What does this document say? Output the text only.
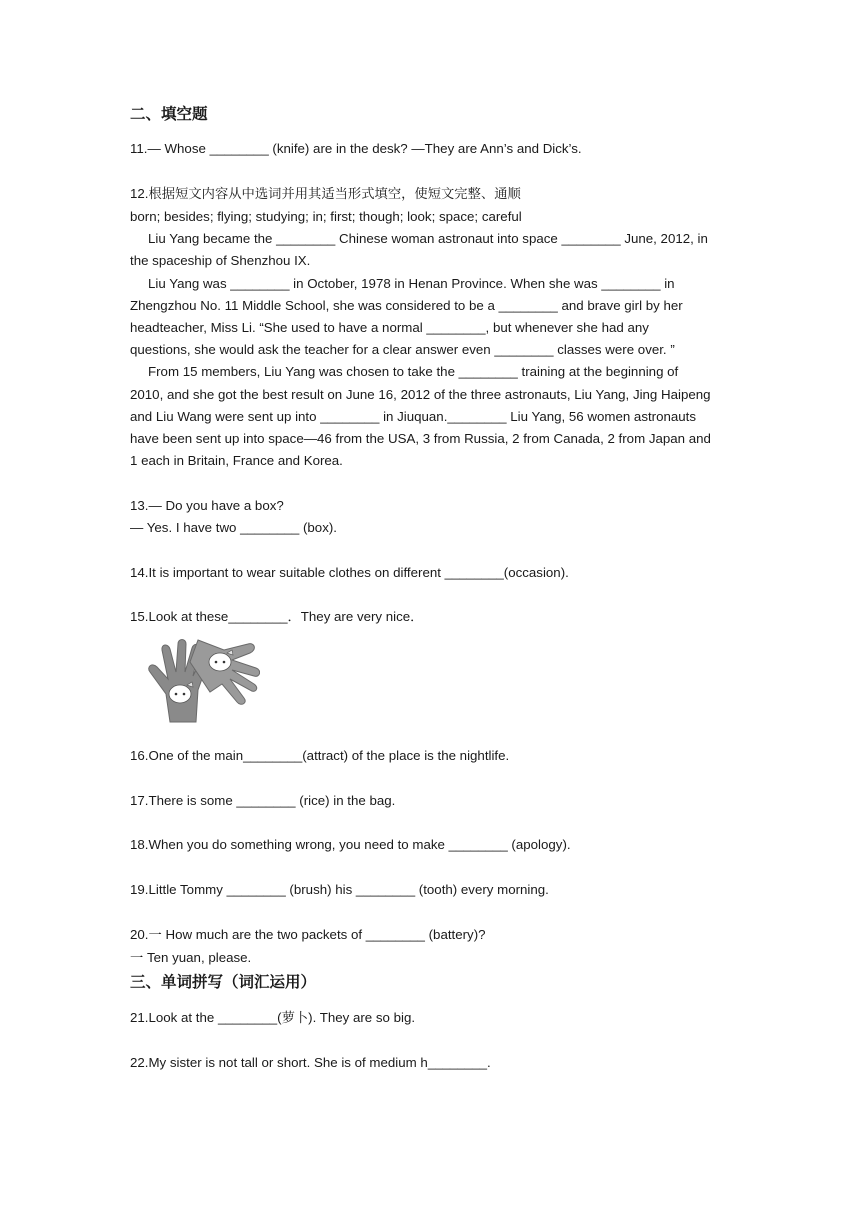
二、填空题
11.— Whose ________ (knife) are in the desk? —They are Ann’s and Dick’s.
12.根据短文内容从中选词并用其适当形式填空，使短文完整、通顺
born; besides; flying; studying; in; first; though; look; space; careful
Liu Yang became the ________ Chinese woman astronaut into space ________ June, 2012, in
the spaceship of Shenzhou IX.
Liu Yang was ________ in October, 1978 in Henan Province. When she was ________ in
Zhengzhou No. 11 Middle School, she was considered to be a ________ and brave girl by her
headteacher, Miss Li. “She used to have a normal ________, but whenever she had any
questions, she would ask the teacher for a clear answer even ________ classes were over. ”
From 15 members, Liu Yang was chosen to take the ________ training at the beginning of
2010, and she got the best result on June 16, 2012 of the three astronauts, Liu Yang, Jing Haipeng
and Liu Wang were sent up into ________ in Jiuquan.________ Liu Yang, 56 women astronauts
have been sent up into space—46 from the USA, 3 from Russia, 2 from Canada, 2 from Japan and
1 each in Britain, France and Korea.
13.— Do you have a box?
— Yes. I have two ________ (box).
14.It is important to wear suitable clothes on different ________(occasion).
15.Look at these________．They are very nice．
16.One of the main________(attract) of the place is the nightlife.
17.There is some ________ (rice) in the bag.
18.When you do something wrong, you need to make ________ (apology).
19.Little Tommy ________ (brush) his ________ (tooth) every morning.
20.一 How much are the two packets of ________ (battery)?
一 Ten yuan, please.
三、单词拼写（词汇运用）
21.Look at the ________(萝卜). They are so big.
22.My sister is not tall or short. She is of medium h________.
